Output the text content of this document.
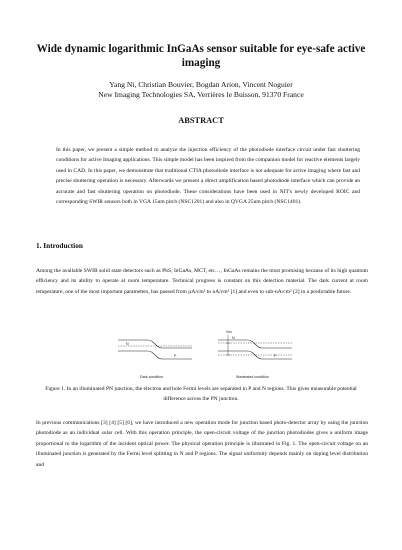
Wide dynamic logarithmic InGaAs sensor suitable for eye-safe active imaging
Yang Ni, Christian Bouvier, Bogdan Arion, Vincent Noguier
New Imaging Technologies SA, Verrières le Buisson, 91370 France
ABSTRACT
In this paper, we present a simple method to analyze the injection efficiency of the photodiode interface circuit under fast shuttering conditions for active Imaging applications. This simple model has been inspired from the companion model for reactive elements largely used in CAD. In this paper, we demonstrate that traditional CTIA photodiode interface is not adequate for active imaging where fast and precise shuttering operation is necessary. Afterwards we present a direct amplification based photodiode interface which can provide an accurate and fast shuttering operation on photodiode. These considerations have been used in NIT's newly developed ROIC and corresponding SWIR sensors both in VGA 15um pitch (NSC1201) and also in QVGA 25um pitch (NSC1401).
1. Introduction
Among the available SWIR solid state detectors such as PbS, InGaAs, MCT, etc…, InGaAs remains the most promising because of its high quantum efficiency and its ability to operate at room temperature. Technical progress is constant on this detection material. The dark current at room temperature, one of the most important parameters, has passed from µA/cm² to nA/cm² [1] and even to sub-nA/cm² [2] in a predictable future.
N
P
Dark condition
Voc
N
P
Illuminated condition
Figure 1. In an illuminated PN junction, the electron and hole Fermi levels are separated in P and N regions. This gives measurable potential difference across the PN junction.
In previous communications [3] [4] [5] [6], we have introduced a new operation mode for junction based photo-detector array by using the junction photodiode as an individual solar cell. With this operation principle, the open-circuit voltage of the junction photodiodes gives a uniform image proportional to the logarithm of the incident optical power. The physical operation principle is illustrated in Fig. 1. The open-circuit voltage on an illuminated junction is generated by the Fermi level splitting in N and P regions. The signal uniformity depends mainly on doping level distribution and
